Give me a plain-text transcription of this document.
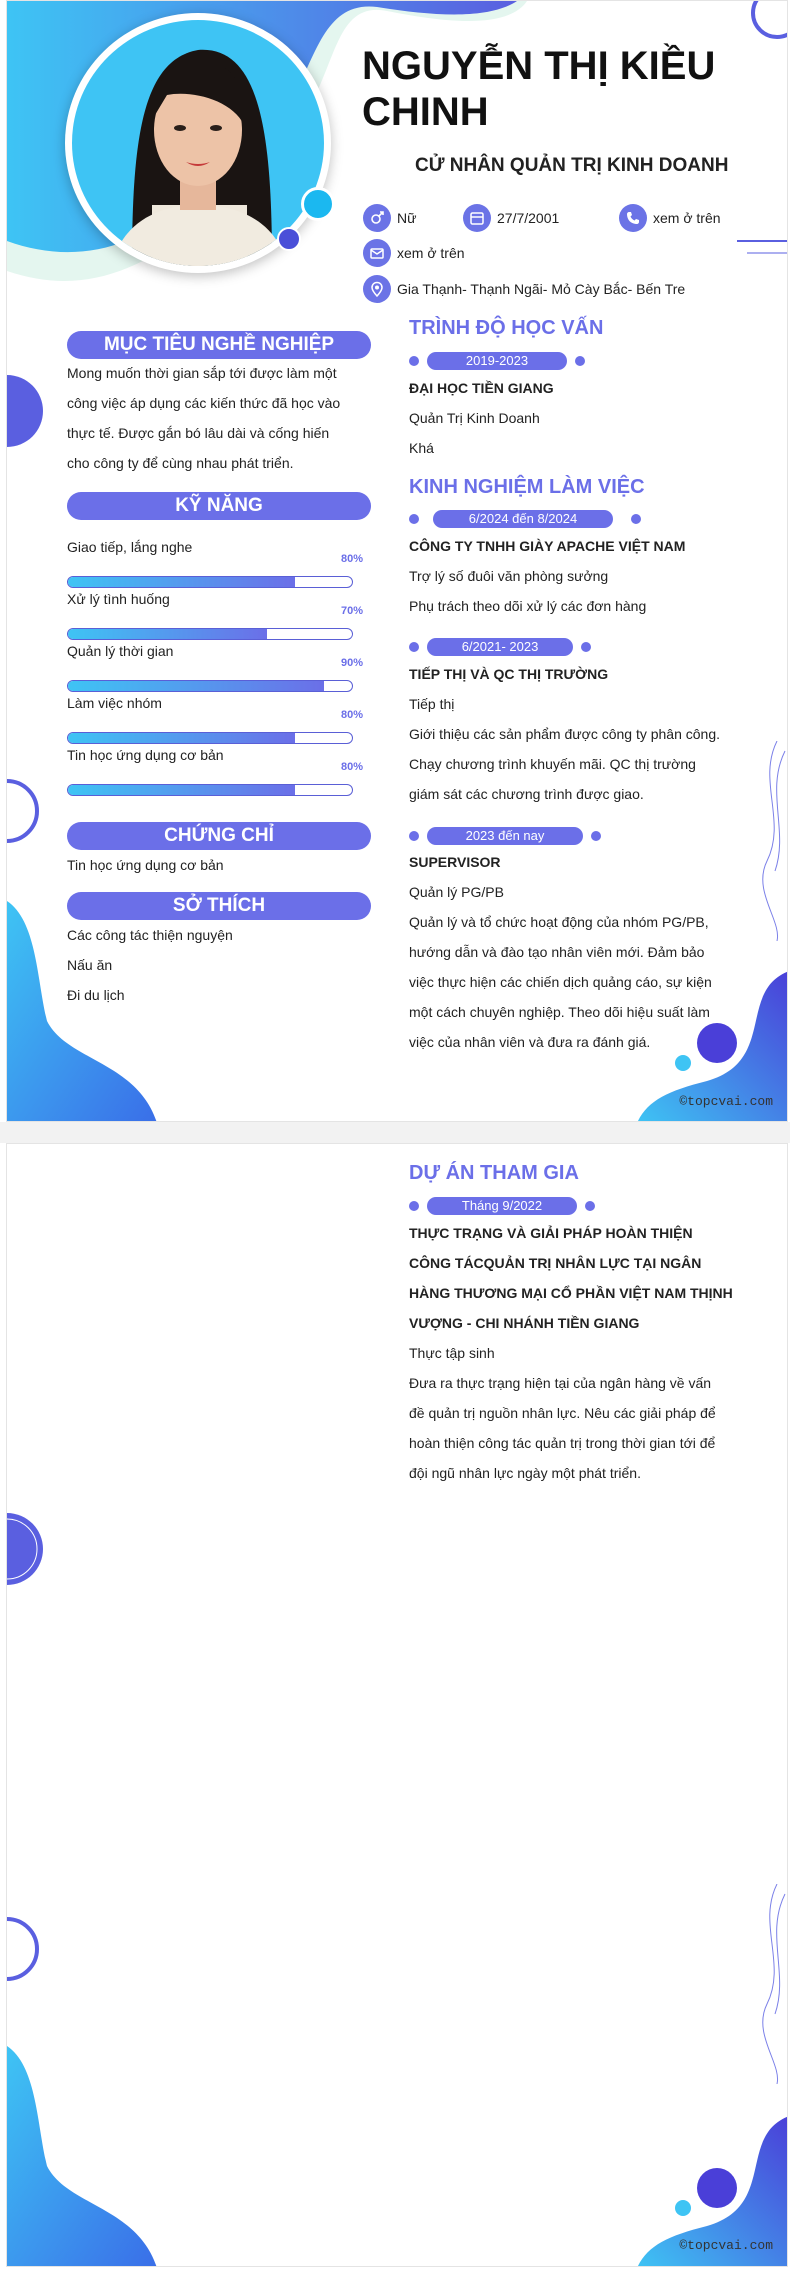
NGUYỄN THỊ KIỀU CHINH
CỬ NHÂN QUẢN TRỊ KINH DOANH
Nữ	27/7/2001	xem ở trên
xem ở trên
Gia Thạnh- Thạnh Ngãi- Mỏ Cày Bắc- Bến Tre
MỤC TIÊU NGHỀ NGHIỆP
Mong muốn thời gian sắp tới được làm một
công việc áp dụng các kiến thức đã học vào
thực tế. Được gắn bó lâu dài và cống hiến
cho công ty để cùng nhau phát triển.
KỸ NĂNG
CHỨNG CHỈ
Tin học ứng dụng cơ bản
SỞ THÍCH
Các công tác thiện nguyện
Nấu ăn
Đi du lịch
TRÌNH ĐỘ HỌC VẤN
2019-2023
ĐẠI HỌC TIỀN GIANG
Quản Trị Kinh Doanh
Khá
KINH NGHIỆM LÀM VIỆC
6/2024 đến 8/2024
CÔNG TY TNHH GIÀY APACHE VIỆT NAM
Trợ lý số đuôi văn phòng sưởng
Phụ trách theo dõi xử lý các đơn hàng
6/2021- 2023
TIẾP THỊ VÀ QC THỊ TRƯỜNG
Tiếp thị
Giới thiệu các sản phẩm được công ty phân công.
Chạy chương trình khuyến mãi. QC thị trường
giám sát các chương trình được giao.
2023 đến nay
SUPERVISOR
Quản lý PG/PB
Quản lý và tổ chức hoạt động của nhóm PG/PB,
hướng dẫn và đào tạo nhân viên mới. Đảm bảo
việc thực hiện các chiến dịch quảng cáo, sự kiện
một cách chuyên nghiệp. Theo dõi hiệu suất làm
việc của nhân viên và đưa ra đánh giá.
©topcvai.com
Giao tiếp, lắng nghe
80%
Xử lý tình huống
70%
Quản lý thời gian
90%
Làm việc nhóm
80%
Tin học ứng dụng cơ bản
80%
DỰ ÁN THAM GIA
Tháng 9/2022
THỰC TRẠNG VÀ GIẢI PHÁP HOÀN THIỆN
CÔNG TÁCQUẢN TRỊ NHÂN LỰC TẠI NGÂN
HÀNG THƯƠNG MẠI CỔ PHẦN VIỆT NAM THỊNH
VƯỢNG - CHI NHÁNH TIỀN GIANG
Thực tập sinh
Đưa ra thực trạng hiện tại của ngân hàng về vấn
đề quản trị nguồn nhân lực. Nêu các giải pháp để
hoàn thiện công tác quản trị trong thời gian tới để
đội ngũ nhân lực ngày một phát triển.
©topcvai.com
